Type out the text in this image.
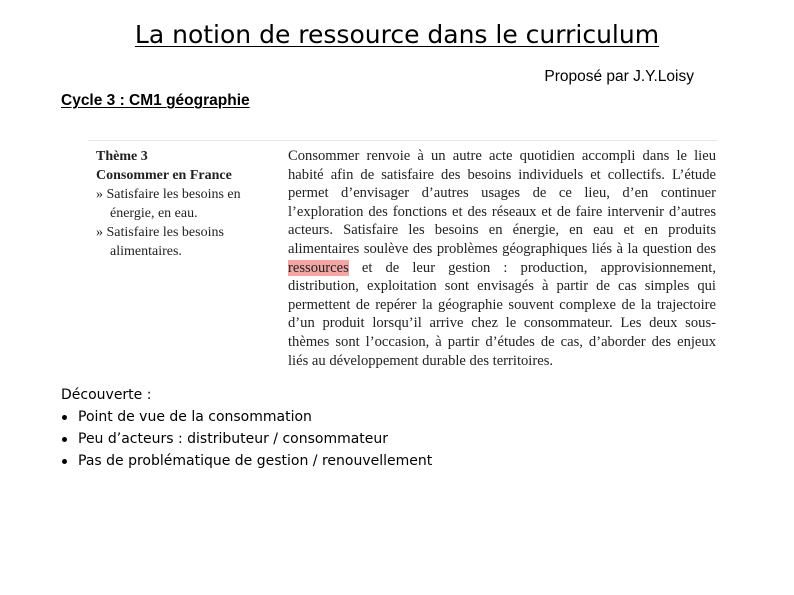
La notion de ressource dans le curriculum
Proposé par J.Y.Loisy
Cycle 3 : CM1 géographie
Thème 3
Consommer en France
» Satisfaire les besoins en énergie, en eau.
» Satisfaire les besoins alimentaires.
Consommer renvoie à un autre acte quotidien accompli dans le lieu habité afin de satisfaire des besoins individuels et collectifs. L’étude permet d’envisager d’autres usages de ce lieu, d’en continuer l’exploration des fonctions et des réseaux et de faire intervenir d’autres acteurs. Satisfaire les besoins en énergie, en eau et en produits alimentaires soulève des problèmes géographiques liés à la question des ressources et de leur gestion : production, approvisionnement, distribution, exploitation sont envisagés à partir de cas simples qui permettent de repérer la géographie souvent complexe de la trajectoire d’un produit lorsqu’il arrive chez le consommateur. Les deux sous-thèmes sont l’occasion, à partir d’études de cas, d’aborder des enjeux liés au développement durable des territoires.
Découverte :
Point de vue de la consommation
Peu d’acteurs : distributeur / consommateur
Pas de problématique de gestion / renouvellement
